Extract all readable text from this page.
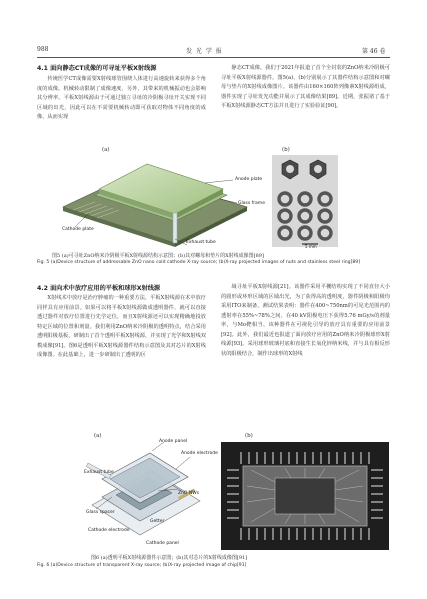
988	发 光 学 报	第 46 卷
4.1 面向静态CT成像的可寻址平板X射线源

传统医学CT成像需要X射线球管围绕人体进行高速旋转来获得多个角度的成像。机械转动限制了成像速度、另外，其带来的机械振动也会影响其分辨率。平板X射线源由于可通过独立寻址的冷阴极寻址开关实现不同区域的出光，因此可以在不需要机械转动即可获取对物体不同角度的成像，从而实现

静态CT成像。我们于2021年报道了首个全封装的ZnO纳米冷阴极可寻址平板X射线源器件，图5(a)、(b)分别展示了其器件结构示意图和对螺母与垫片的X射线成像图片。该器件由160×160阵列像素X射线源组成，器件实现了寻址发光功能并展示了其成像结果[89]。近期，张振诸了基于平板X射线源静态CT方法并且进行了实验验证[90]。

(a)	(b)
Anode plate
Glass frame
Cathode plate
Exhaust tube
5 mm

图5 (a)可寻址ZnO纳米冷阴极平板X射线源结构示意图；(b)其对螺母和垫片的X射线成像图[89]

Fig. 5 (a)Device structure of addressable ZnO nano cold cathode X-ray source; (b)X-ray projected images of nuts and stainless steel ring[89]

4.2 面向术中放疗应用的平板和球形X射线源

X射线术中放疗是治疗肿瘤的一种重要方法，平板X射线源在术中放疗同样具有应用前景。如果可以将平板X射线源做成透明器件，就可以直接透过器件对放疗位置进行先学定位，而且X射线源还可以实现精确地投放特定区域的位置和剂量。我们利用ZnO纳米冷阴极的透明特点，结合采用透明阳极基板，研制出了首个透明平板X射线源，并实现了光学和X射线双模成像[91]。图6是透明平板X射线源器件结构示意图及其对芯片的X射线成像图。在此基础上，进一步研制出了透明的区

域寻址平板X射线源[21]。该器件采用平栅结构实现了不同直径大小的圆形或环形区域的区域出光，为了获得高的透明度，器件阴极和阳极均采用ITO来制备，测试结果表明：器件在400~750nm的可见光范围内的透射率在55%~78%之间，在40 kV阳极电压下获得5.76 mGy/s的剂量率，与Mo靶相当。该种器件在可视化引导的放疗具有重要的应用前景[92]。此外，我们最近也报道了面向放疗应用的ZnO纳米冷阴极球形X射线源[93]。采用球形玻璃衬底和直接生长氧化锌纳米线，并与具有相反形状的阳极结合，制作出球形的X射线

(a)	(b)
Anode panel
Anode electrode
Exhaust tube
Glass spacer
ZnO NWs
Getter
Cathode electrode
Cathode panel

图6 (a)透明平板X射线源器件示意图；(b)其对芯片的X射线成像图[91]

Fig. 6 (a)Device structure of transparent X-ray source; (b)X-ray projected image of chip[91]
